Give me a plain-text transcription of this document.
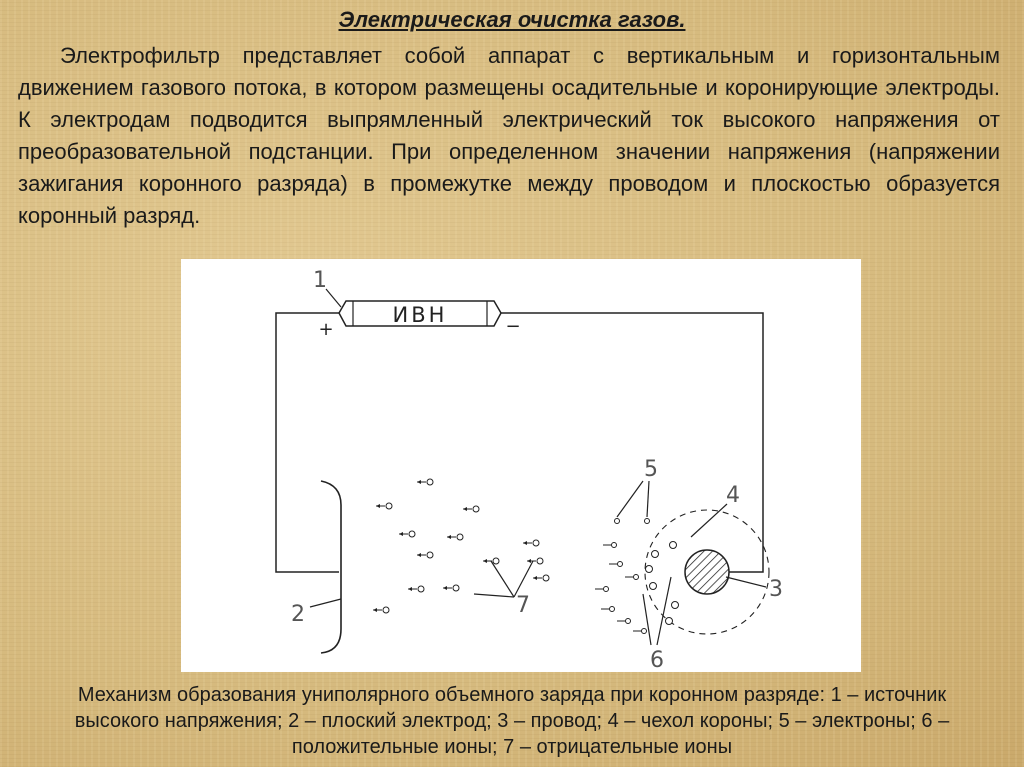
Электрическая очистка газов.
Электрофильтр представляет собой аппарат с вертикальным и горизонтальным движением газового потока, в котором размещены осадительные и коронирующие электроды. К электродам подводится выпрямленный электрический ток высокого напряжения от преобразовательной подстанции. При определенном значении напряжения (напряжении зажигания коронного разряда) в промежутке между проводом и плоскостью образуется коронный разряд.
ИВН
+	−
1
2
3
4
5
6
7
Механизм образования униполярного объемного заряда при коронном разряде: 1 – источник высокого напряжения; 2 – плоский электрод; 3 – провод; 4 – чехол короны; 5 – электроны; 6 – положительные ионы; 7 – отрицательные ионы
